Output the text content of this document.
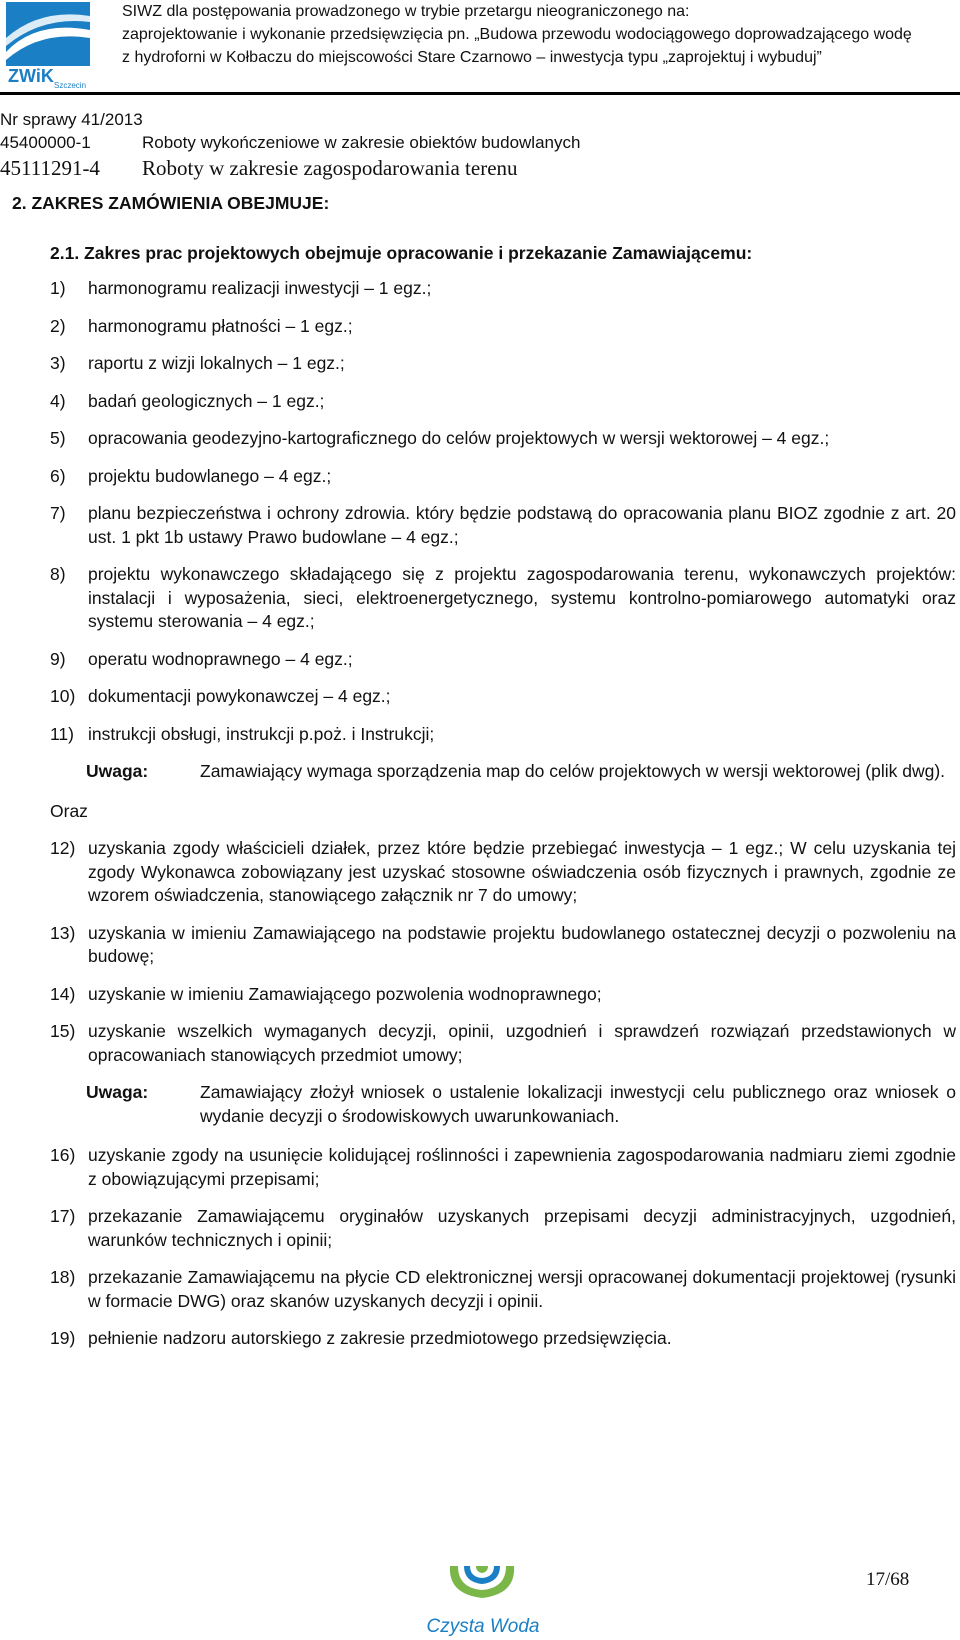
ZWiK Szczecin
SIWZ dla postępowania prowadzonego w trybie przetargu nieograniczonego na:
zaprojektowanie i wykonanie przedsięwzięcia pn. „Budowa przewodu wodociągowego doprowadzającego wodę
z hydroforni w Kołbaczu do miejscowości Stare Czarnowo – inwestycja typu „zaprojektuj i wybuduj”
Nr sprawy 41/2013
45400000-1	Roboty wykończeniowe w zakresie obiektów budowlanych
45111291-4 Robоty w zakresie zagospodarowania terenu
2. ZAKRES ZAMÓWIENIA OBEJMUJE:
2.1. Zakres prac projektowych obejmuje opracowanie i przekazanie Zamawiającemu:
1) harmonogramu realizacji inwestycji – 1 egz.;
2) harmonogramu płatności – 1 egz.;
3) raportu z wizji lokalnych – 1 egz.;
4) badań geologicznych – 1 egz.;
5) opracowania geodezyjno-kartograficznego do celów projektowych w wersji wektorowej – 4 egz.;
6) projektu budowlanego – 4 egz.;
7) planu bezpieczeństwa i ochrony zdrowia. który będzie podstawą do opracowania planu BIOZ zgodnie z art. 20 ust. 1 pkt 1b ustawy Prawo budowlane – 4 egz.;
8) projektu wykonawczego składającego się z projektu zagospodarowania terenu, wykonawczych projektów: instalacji i wyposażenia, sieci, elektroenergetycznego, systemu kontrolno-pomiarowego automatyki oraz systemu sterowania – 4 egz.;
9) operatu wodnoprawnego – 4 egz.;
10) dokumentacji powykonawczej – 4 egz.;
11) instrukcji obsługi, instrukcji p.poż. i Instrukcji;
Uwaga:	Zamawiający wymaga sporządzenia map do celów projektowych w wersji wektorowej (plik dwg).
Oraz
12) uzyskania zgody właścicieli działek, przez które będzie przebiegać inwestycja – 1 egz.; W celu uzyskania tej zgody Wykonawca zobowiązany jest uzyskać stosowne oświadczenia osób fizycznych i prawnych, zgodnie ze wzorem oświadczenia, stanowiącego załącznik nr 7 do umowy;
13) uzyskania w imieniu Zamawiającego na podstawie projektu budowlanego ostatecznej decyzji o pozwoleniu na budowę;
14) uzyskanie w imieniu Zamawiającego pozwolenia wodnoprawnego;
15) uzyskanie wszelkich wymaganych decyzji, opinii, uzgodnień i sprawdzeń rozwiązań przedstawionych w opracowaniach stanowiących przedmiot umowy;
Uwaga:	Zamawiający złożył wniosek o ustalenie lokalizacji inwestycji celu publicznego oraz wniosek o wydanie decyzji o środowiskowych uwarunkowaniach.
16) uzyskanie zgody na usunięcie kolidującej roślinności i zapewnienia zagospodarowania nadmiaru ziemi zgodnie z obowiązującymi przepisami;
17) przekazanie Zamawiającemu oryginałów uzyskanych przepisami decyzji administracyjnych, uzgodnień, warunków technicznych i opinii;
18) przekazanie Zamawiającemu na płycie CD elektronicznej wersji opracowanej dokumentacji projektowej (rysunki w formacie DWG) oraz skanów uzyskanych decyzji i opinii.
19) pełnienie nadzoru autorskiego z zakresie przedmiotowego przedsięwzięcia.
Czysta Woda
17/68
